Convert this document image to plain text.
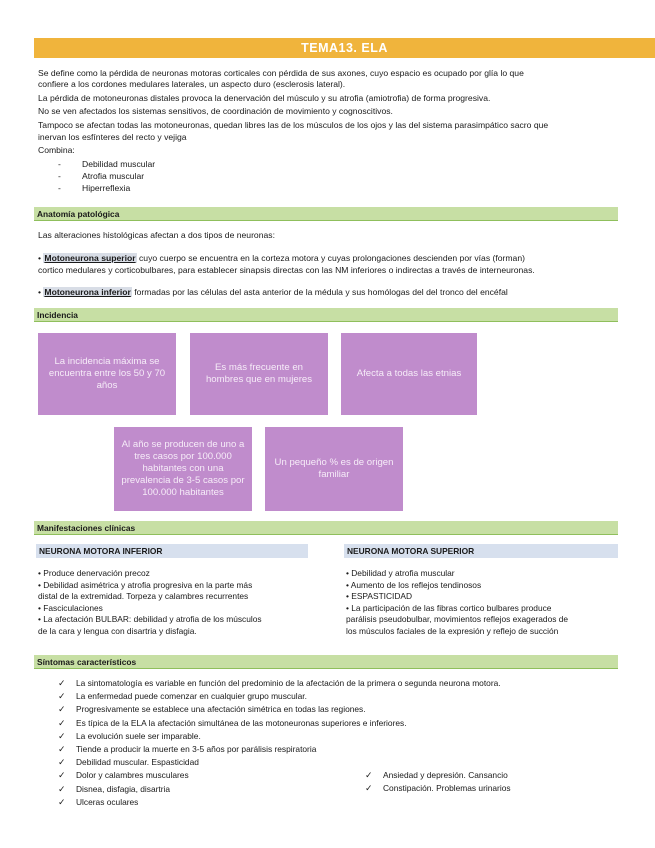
TEMA13. ELA
Se define como la pérdida de neuronas motoras corticales con pérdida de sus axones, cuyo espacio es ocupado por glía lo que
confiere a los cordones medulares laterales, un aspecto duro (esclerosis lateral).
La pérdida de motoneuronas distales provoca la denervación del músculo y su atrofia (amiotrofia) de forma progresiva.
No se ven afectados los sistemas sensitivos, de coordinación de movimiento y cognoscitivos.
Tampoco se afectan todas las motoneuronas, quedan libres las de los músculos de los ojos y las del sistema parasimpático sacro que
inervan los esfínteres del recto y vejiga
Combina:
-	Debilidad muscular
-	Atrofia muscular
-	Hiperreflexia
Anatomía patológica
Las alteraciones histológicas afectan a dos tipos de neuronas:
• Motoneurona superior cuyo cuerpo se encuentra en la corteza motora y cuyas prolongaciones descienden por vías (forman)
cortico medulares y corticobulbares, para establecer sinapsis directas con las NM inferiores o indirectas a través de interneuronas.
• Motoneurona inferior formadas por las células del asta anterior de la médula y sus homólogas del del tronco del encéfal
Incidencia
La incidencia máxima se encuentra entre los 50 y 70 años
Es más frecuente en hombres que en mujeres
Afecta a todas las etnias
Al año se producen de uno a tres casos por 100.000 habitantes con una prevalencia de 3-5 casos por 100.000 habitantes
Un pequeño % es de origen familiar
Manifestaciones clínicas
NEURONA MOTORA INFERIOR
• Produce denervación precoz
• Debilidad asimétrica y atrofia progresiva en la parte más
distal de la extremidad. Torpeza y calambres recurrentes
• Fasciculaciones
• La afectación BULBAR: debilidad y atrofia de los músculos
de la cara y lengua con disartria y disfagia.
NEURONA MOTORA SUPERIOR
• Debilidad y atrofia muscular
• Aumento de los reflejos tendinosos
• ESPASTICIDAD
• La participación de las fibras cortico bulbares produce
parálisis pseudobulbar, movimientos reflejos exagerados de
los músculos faciales de la expresión y reflejo de succión
Síntomas característicos
✓	La sintomatología es variable en función del predominio de la afectación de la primera o segunda neurona motora.
✓	La enfermedad puede comenzar en cualquier grupo muscular.
✓	Progresivamente se establece una afectación simétrica en todas las regiones.
✓	Es típica de la ELA la afectación simultánea de las motoneuronas superiores e inferiores.
✓	La evolución suele ser imparable.
✓	Tiende a producir la muerte en 3-5 años por parálisis respiratoria
✓	Debilidad muscular. Espasticidad
✓	Dolor y calambres musculares
✓	Disnea, disfagia, disartria
✓	Ulceras oculares
✓	Ansiedad y depresión. Cansancio
✓	Constipación. Problemas urinarios
